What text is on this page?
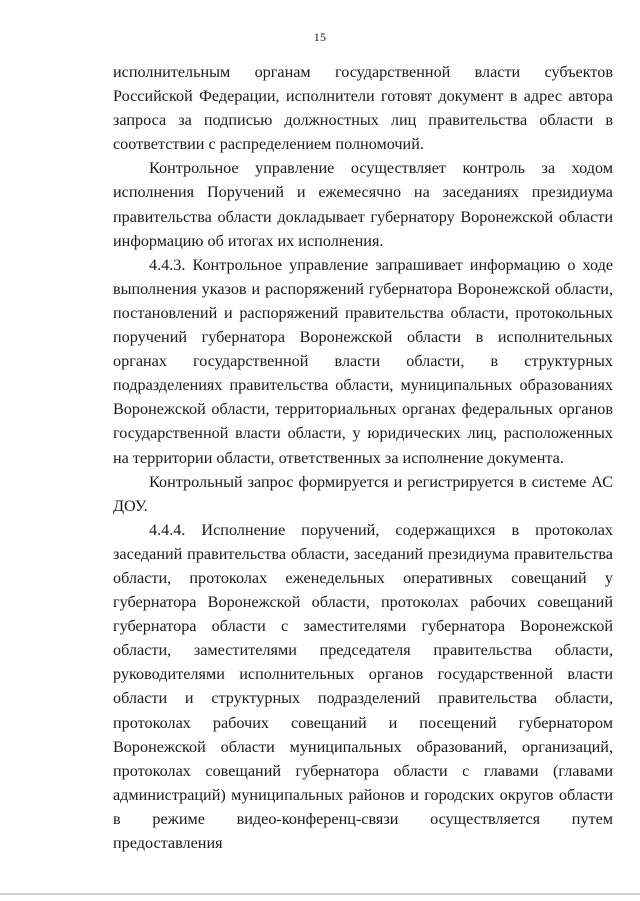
15

исполнительным органам государственной власти субъектов Российской Федерации, исполнители готовят документ в адрес автора запроса за подписью должностных лиц правительства области в соответствии с распределением полномочий.

Контрольное управление осуществляет контроль за ходом исполнения Поручений и ежемесячно на заседаниях президиума правительства области докладывает губернатору Воронежской области информацию об итогах их исполнения.

4.4.3. Контрольное управление запрашивает информацию о ходе выполнения указов и распоряжений губернатора Воронежской области, постановлений и распоряжений правительства области, протокольных поручений губернатора Воронежской области в исполнительных органах государственной власти области, в структурных подразделениях правительства области, муниципальных образованиях Воронежской области, территориальных органах федеральных органов государственной власти области, у юридических лиц, расположенных на территории области, ответственных за исполнение документа.

Контрольный запрос формируется и регистрируется в системе АС ДОУ.

4.4.4. Исполнение поручений, содержащихся в протоколах заседаний правительства области, заседаний президиума правительства области, протоколах еженедельных оперативных совещаний у губернатора Воронежской области, протоколах рабочих совещаний губернатора области с заместителями губернатора Воронежской области, заместителями председателя правительства области, руководителями исполнительных органов государственной власти области и структурных подразделений правительства области, протоколах рабочих совещаний и посещений губернатором Воронежской области муниципальных образований, организаций, протоколах совещаний губернатора области с главами (главами администраций) муниципальных районов и городских округов области в режиме видео-конференц-связи осуществляется путем предоставления
